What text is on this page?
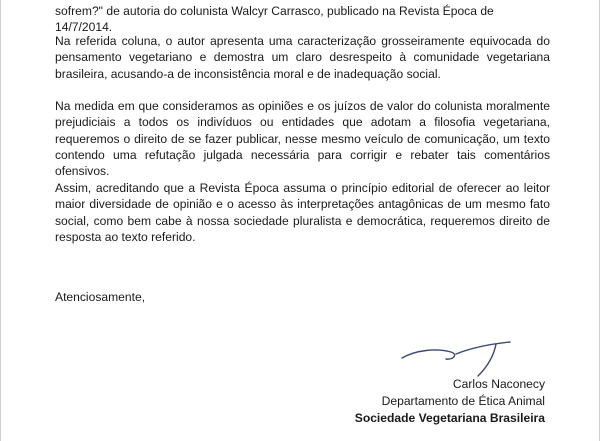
sofrem?" de autoria do colunista Walcyr Carrasco, publicado na Revista Época de 14/7/2014.

Na referida coluna, o autor apresenta uma caracterização grosseiramente equivocada do pensamento vegetariano e demostra um claro desrespeito à comunidade vegetariana brasileira, acusando-a de inconsistência moral e de inadequação social.

Na medida em que consideramos as opiniões e os juízos de valor do colunista moralmente prejudiciais a todos os indivíduos ou entidades que adotam a filosofia vegetariana, requeremos o direito de se fazer publicar, nesse mesmo veículo de comunicação, um texto contendo uma refutação julgada necessária para corrigir e rebater tais comentários ofensivos.

Assim, acreditando que a Revista Época assuma o princípio editorial de oferecer ao leitor maior diversidade de opinião e o acesso às interpretações antagônicas de um mesmo fato social, como bem cabe à nossa sociedade pluralista e democrática, requeremos direito de resposta ao texto referido.

Atenciosamente,

Carlos Naconecy
Departamento de Ética Animal
Sociedade Vegetariana Brasileira
